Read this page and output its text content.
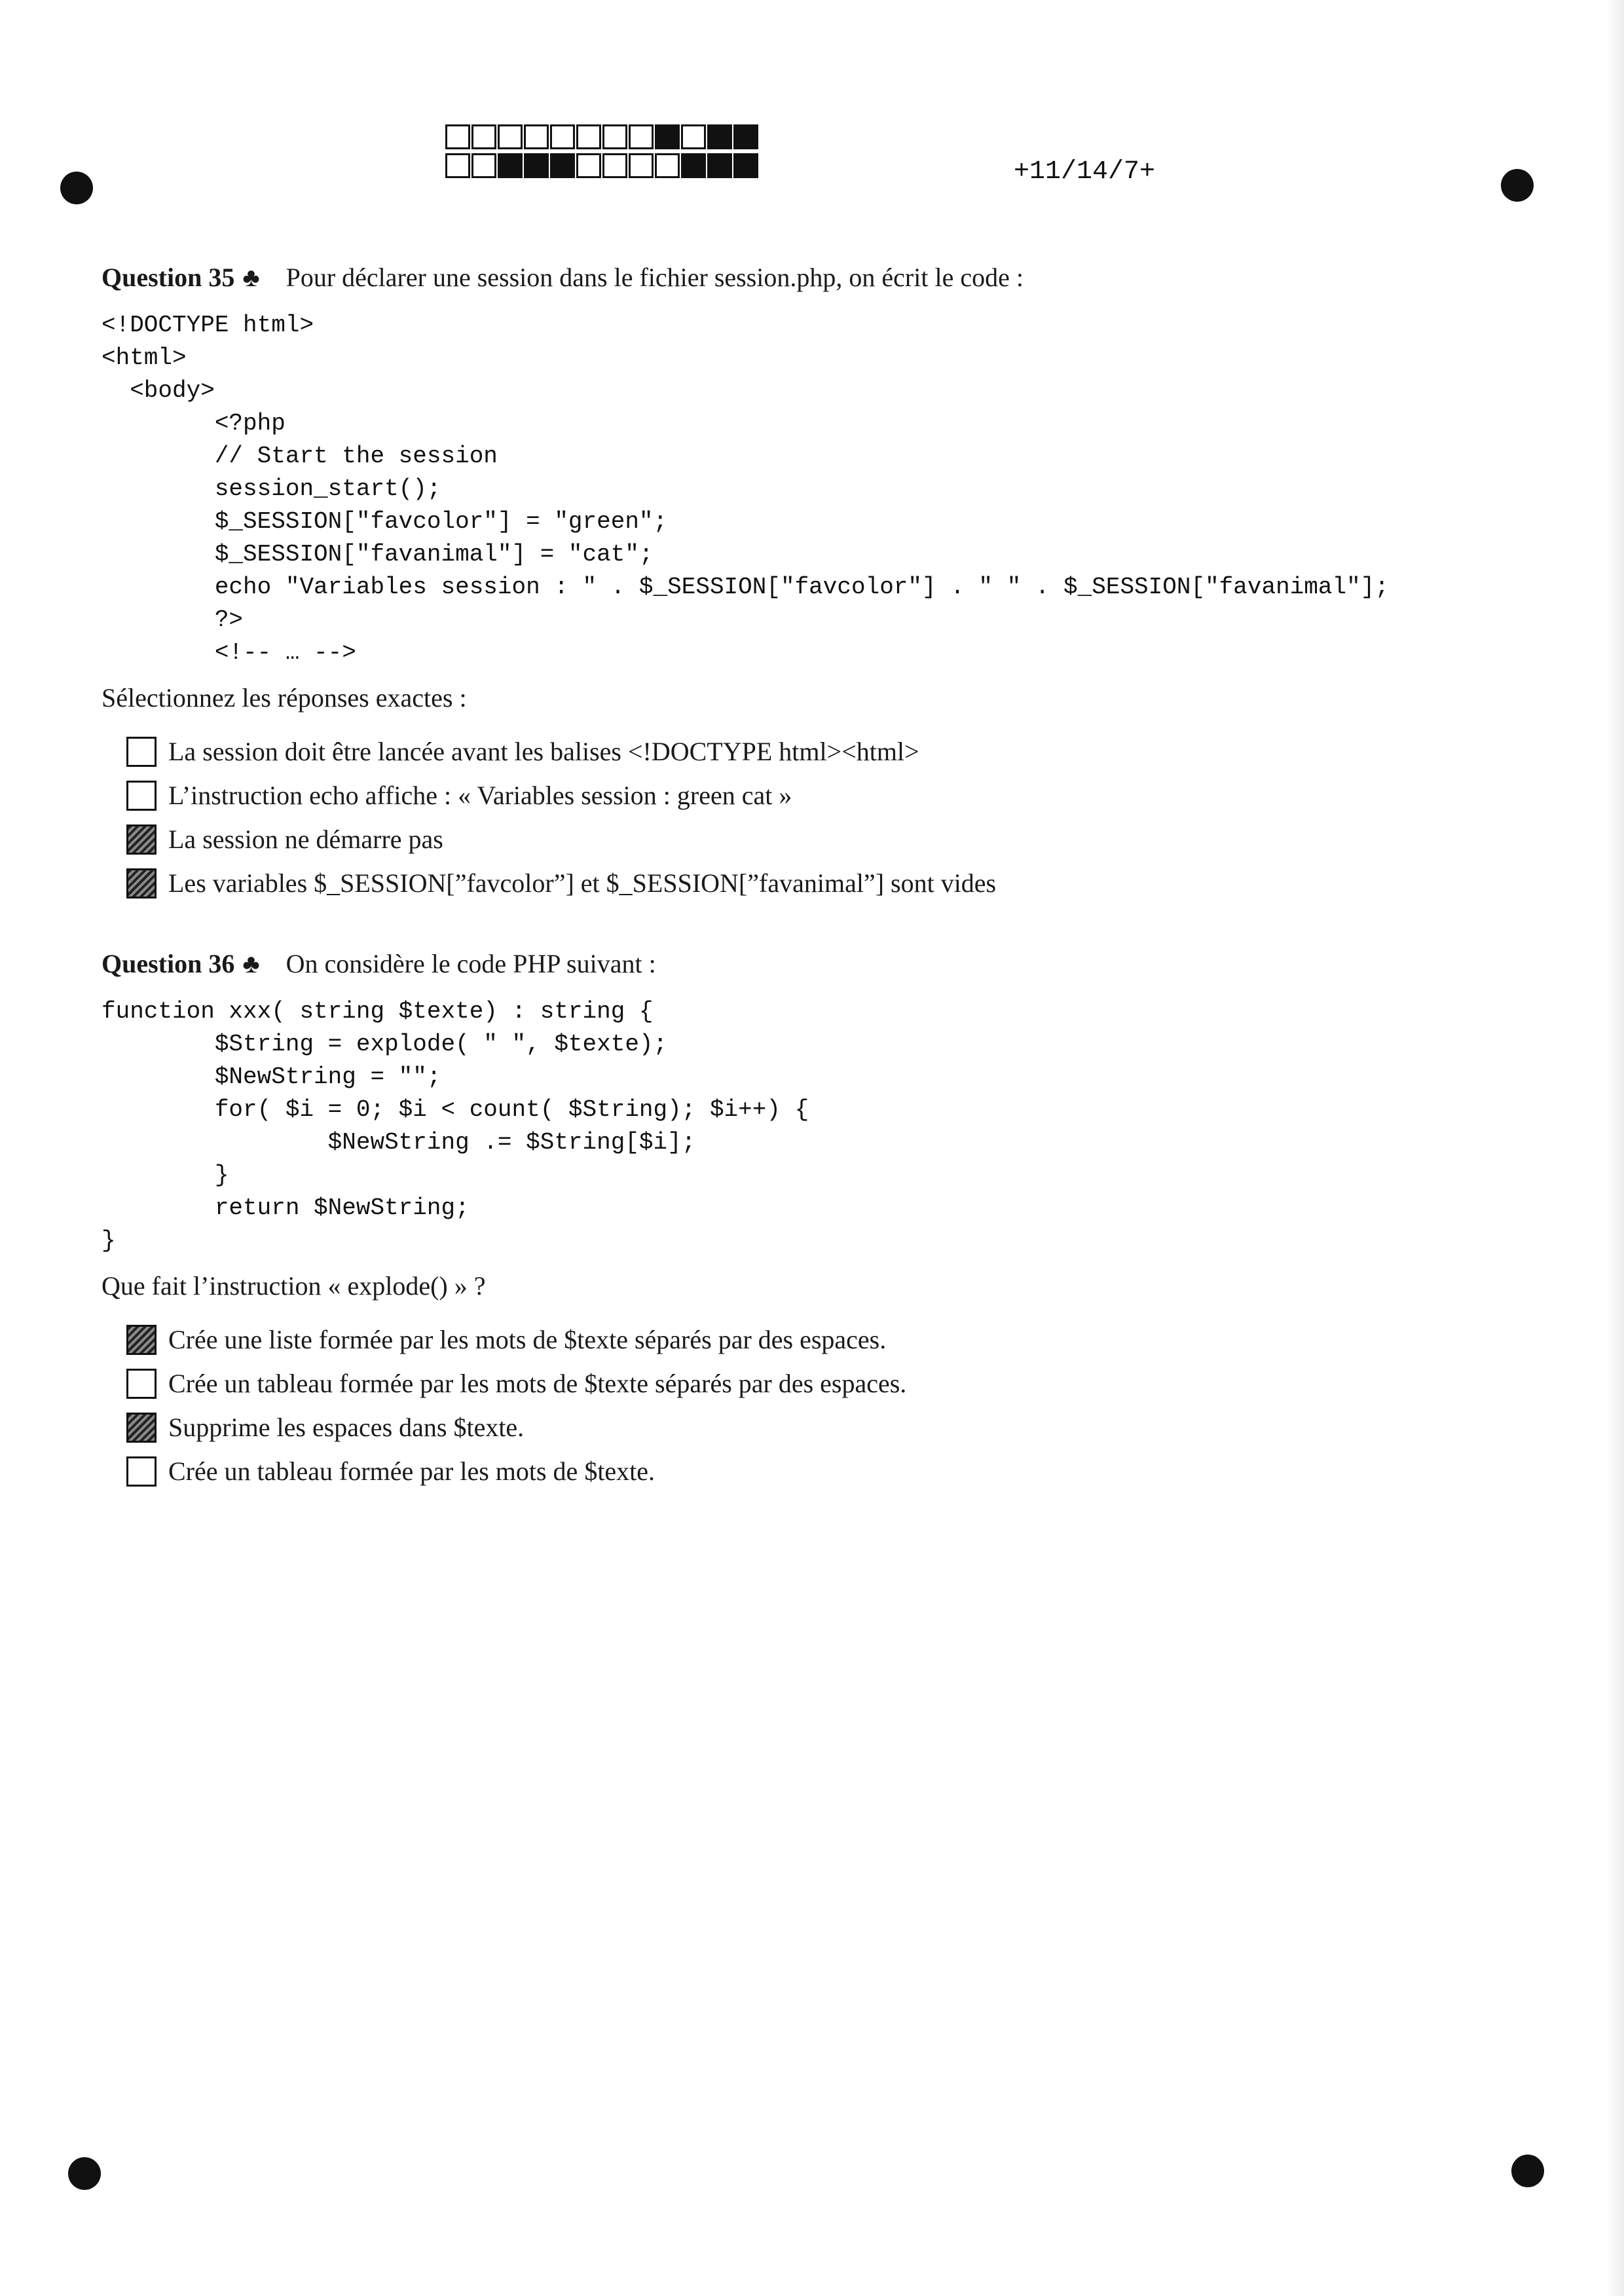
+11/14/7+
Question 35 ♣ Pour déclarer une session dans le fichier session.php, on écrit le code :
<!DOCTYPE html>
<html>
<body>
<?php
// Start the session
session_start();
$_SESSION["favcolor"] = "green";
$_SESSION["favanimal"] = "cat";
echo "Variables session : " . $_SESSION["favcolor"] . " " . $_SESSION["favanimal"];
?>
<!-- … -->
Sélectionnez les réponses exactes :
La session doit être lancée avant les balises <!DOCTYPE html><html>
L’instruction echo affiche : « Variables session : green cat »
La session ne démarre pas
Les variables $_SESSION[”favcolor”] et $_SESSION[”favanimal”] sont vides
Question 36 ♣ On considère le code PHP suivant :
function xxx( string $texte) : string {
$String = explode( " ", $texte);
$NewString = "";
for( $i = 0; $i < count( $String); $i++) {
$NewString .= $String[$i];
}
return $NewString;
}
Que fait l’instruction « explode() » ?
Crée une liste formée par les mots de $texte séparés par des espaces.
Crée un tableau formée par les mots de $texte séparés par des espaces.
Supprime les espaces dans $texte.
Crée un tableau formée par les mots de $texte.
